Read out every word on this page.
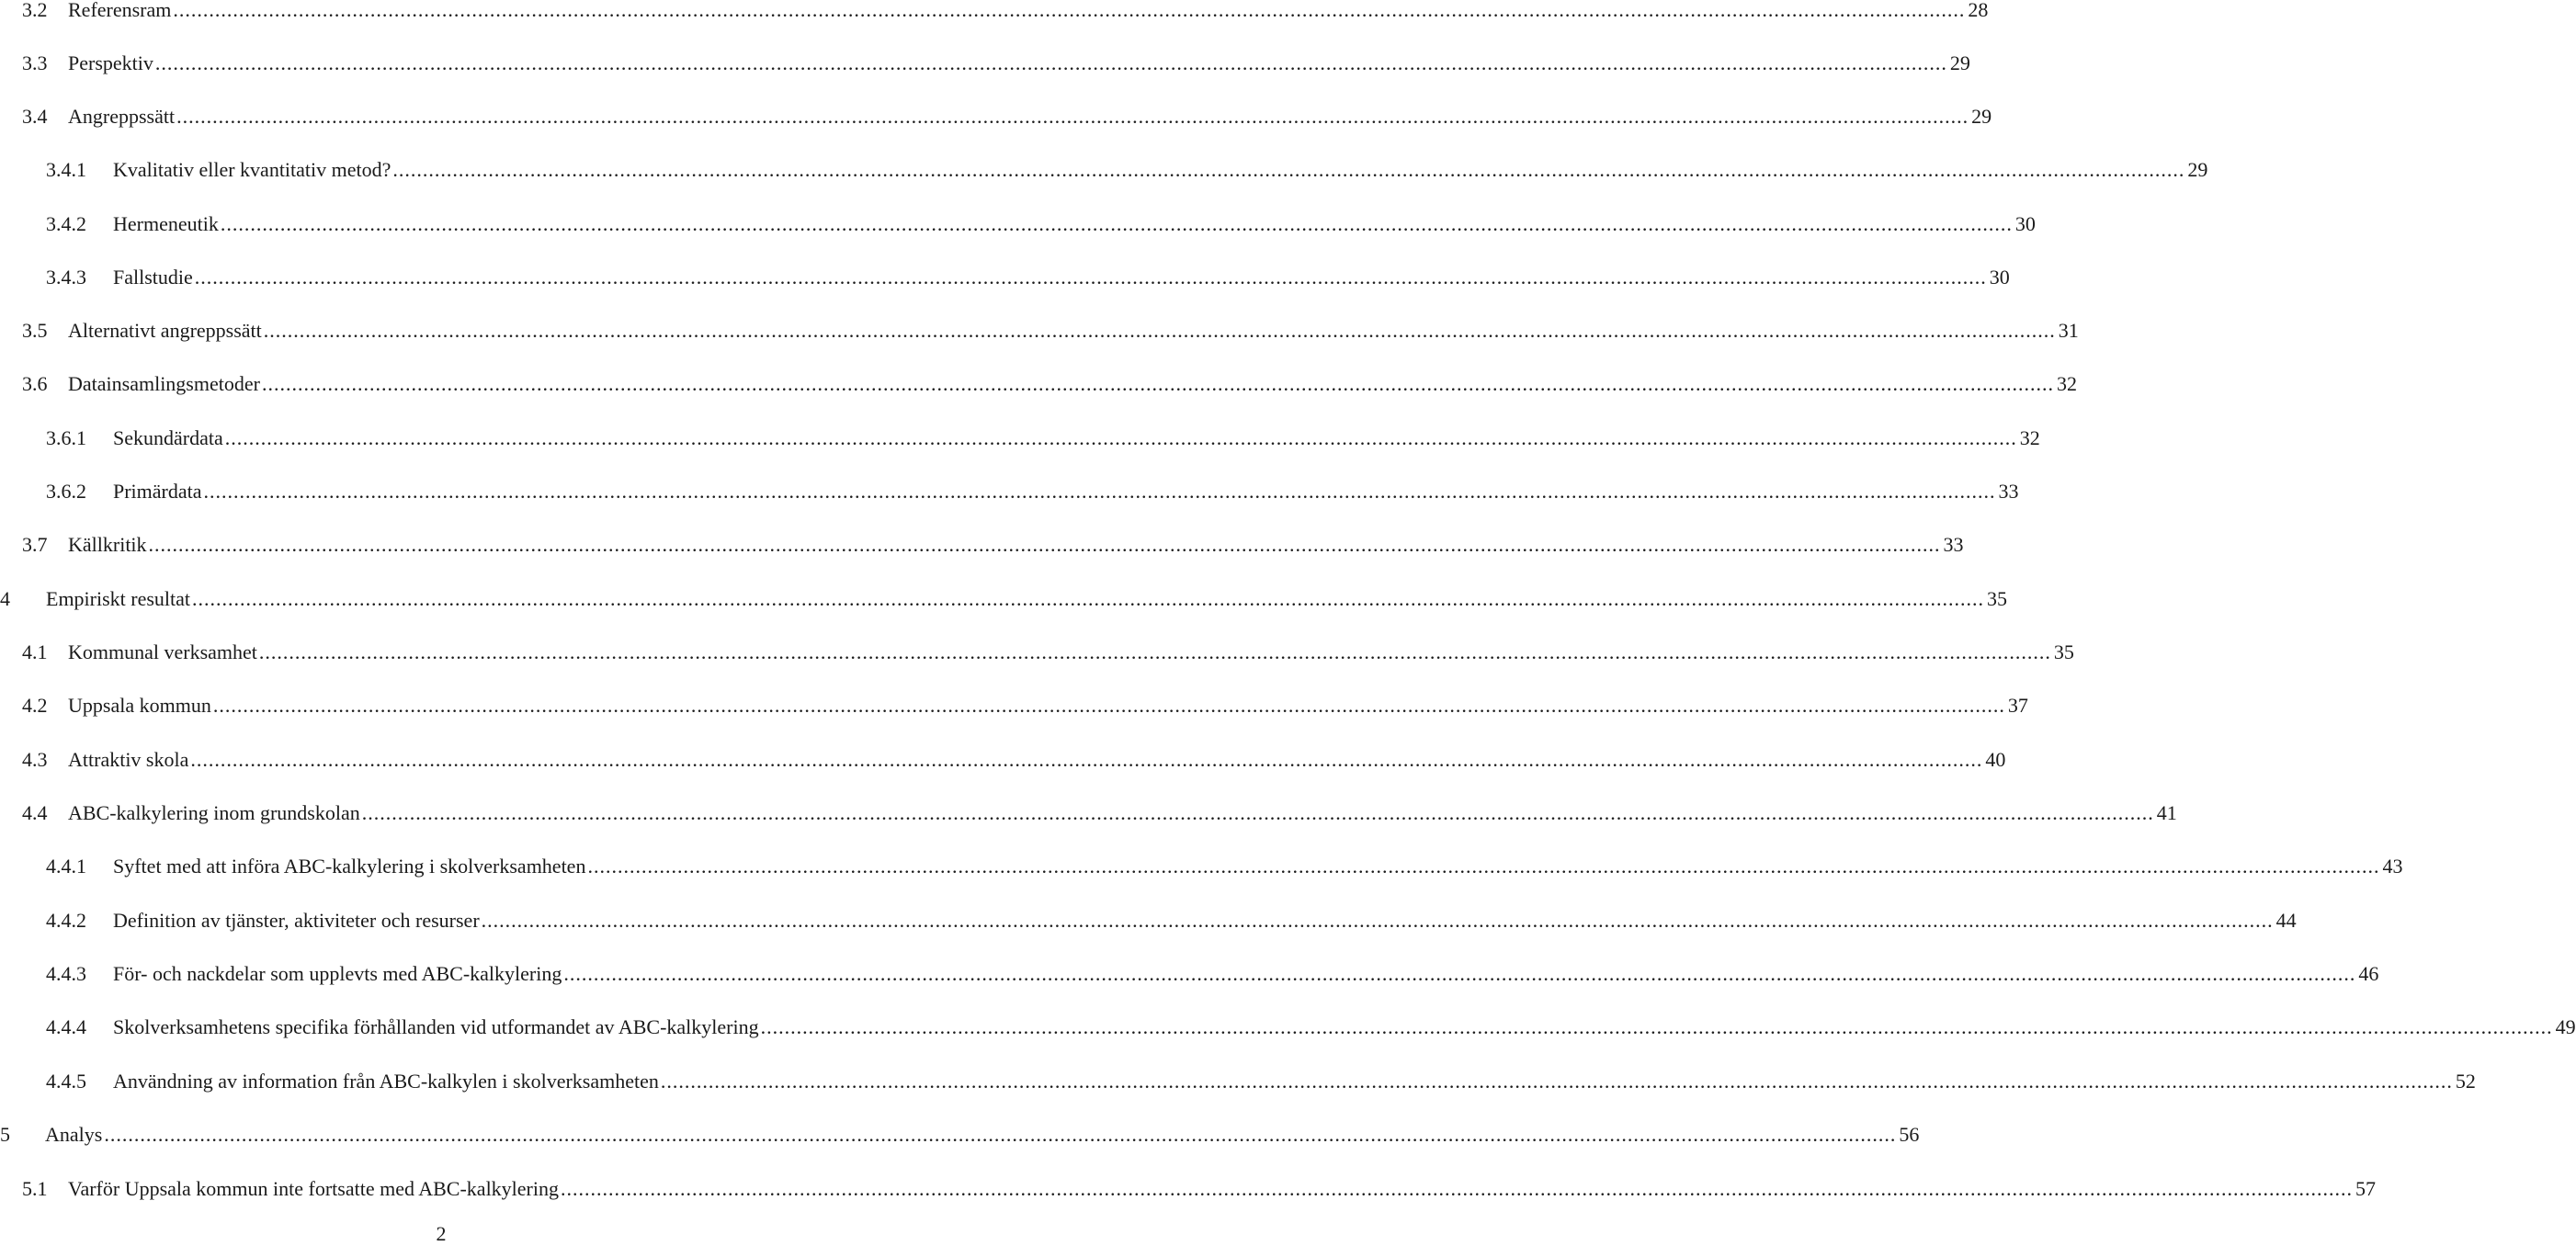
3.2	Referensram ............................................................................................................................................................................................................................................................................................................ 28
3.3	Perspektiv ............................................................................................................................................................................................................................................................................................................ 29
3.4	Angreppssätt ............................................................................................................................................................................................................................................................................................................ 29
3.4.1	Kvalitativ eller kvantitativ metod? ............................................................................................................................................................................................................................................................................................................ 29
3.4.2	Hermeneutik ............................................................................................................................................................................................................................................................................................................ 30
3.4.3	Fallstudie ............................................................................................................................................................................................................................................................................................................ 30
3.5	Alternativt angreppssätt ............................................................................................................................................................................................................................................................................................................ 31
3.6	Datainsamlingsmetoder ............................................................................................................................................................................................................................................................................................................ 32
3.6.1	Sekundärdata ............................................................................................................................................................................................................................................................................................................ 32
3.6.2	Primärdata ............................................................................................................................................................................................................................................................................................................ 33
3.7	Källkritik ............................................................................................................................................................................................................................................................................................................ 33
4	Empiriskt resultat ............................................................................................................................................................................................................................................................................................................ 35
4.1	Kommunal verksamhet ............................................................................................................................................................................................................................................................................................................ 35
4.2	Uppsala kommun ............................................................................................................................................................................................................................................................................................................ 37
4.3	Attraktiv skola ............................................................................................................................................................................................................................................................................................................ 40
4.4	ABC-kalkylering inom grundskolan ............................................................................................................................................................................................................................................................................................................ 41
4.4.1	Syftet med att införa ABC-kalkylering i skolverksamheten ............................................................................................................................................................................................................................................................................................................ 43
4.4.2	Definition av tjänster, aktiviteter och resurser ............................................................................................................................................................................................................................................................................................................ 44
4.4.3	För- och nackdelar som upplevts med ABC-kalkylering ............................................................................................................................................................................................................................................................................................................ 46
4.4.4	Skolverksamhetens specifika förhållanden vid utformandet av ABC-kalkylering ............................................................................................................................................................................................................................................................................................................ 49
4.4.5	Användning av information från ABC-kalkylen i skolverksamheten ............................................................................................................................................................................................................................................................................................................ 52
5	Analys ............................................................................................................................................................................................................................................................................................................ 56
5.1	Varför Uppsala kommun inte fortsatte med ABC-kalkylering ............................................................................................................................................................................................................................................................................................................ 57
2
